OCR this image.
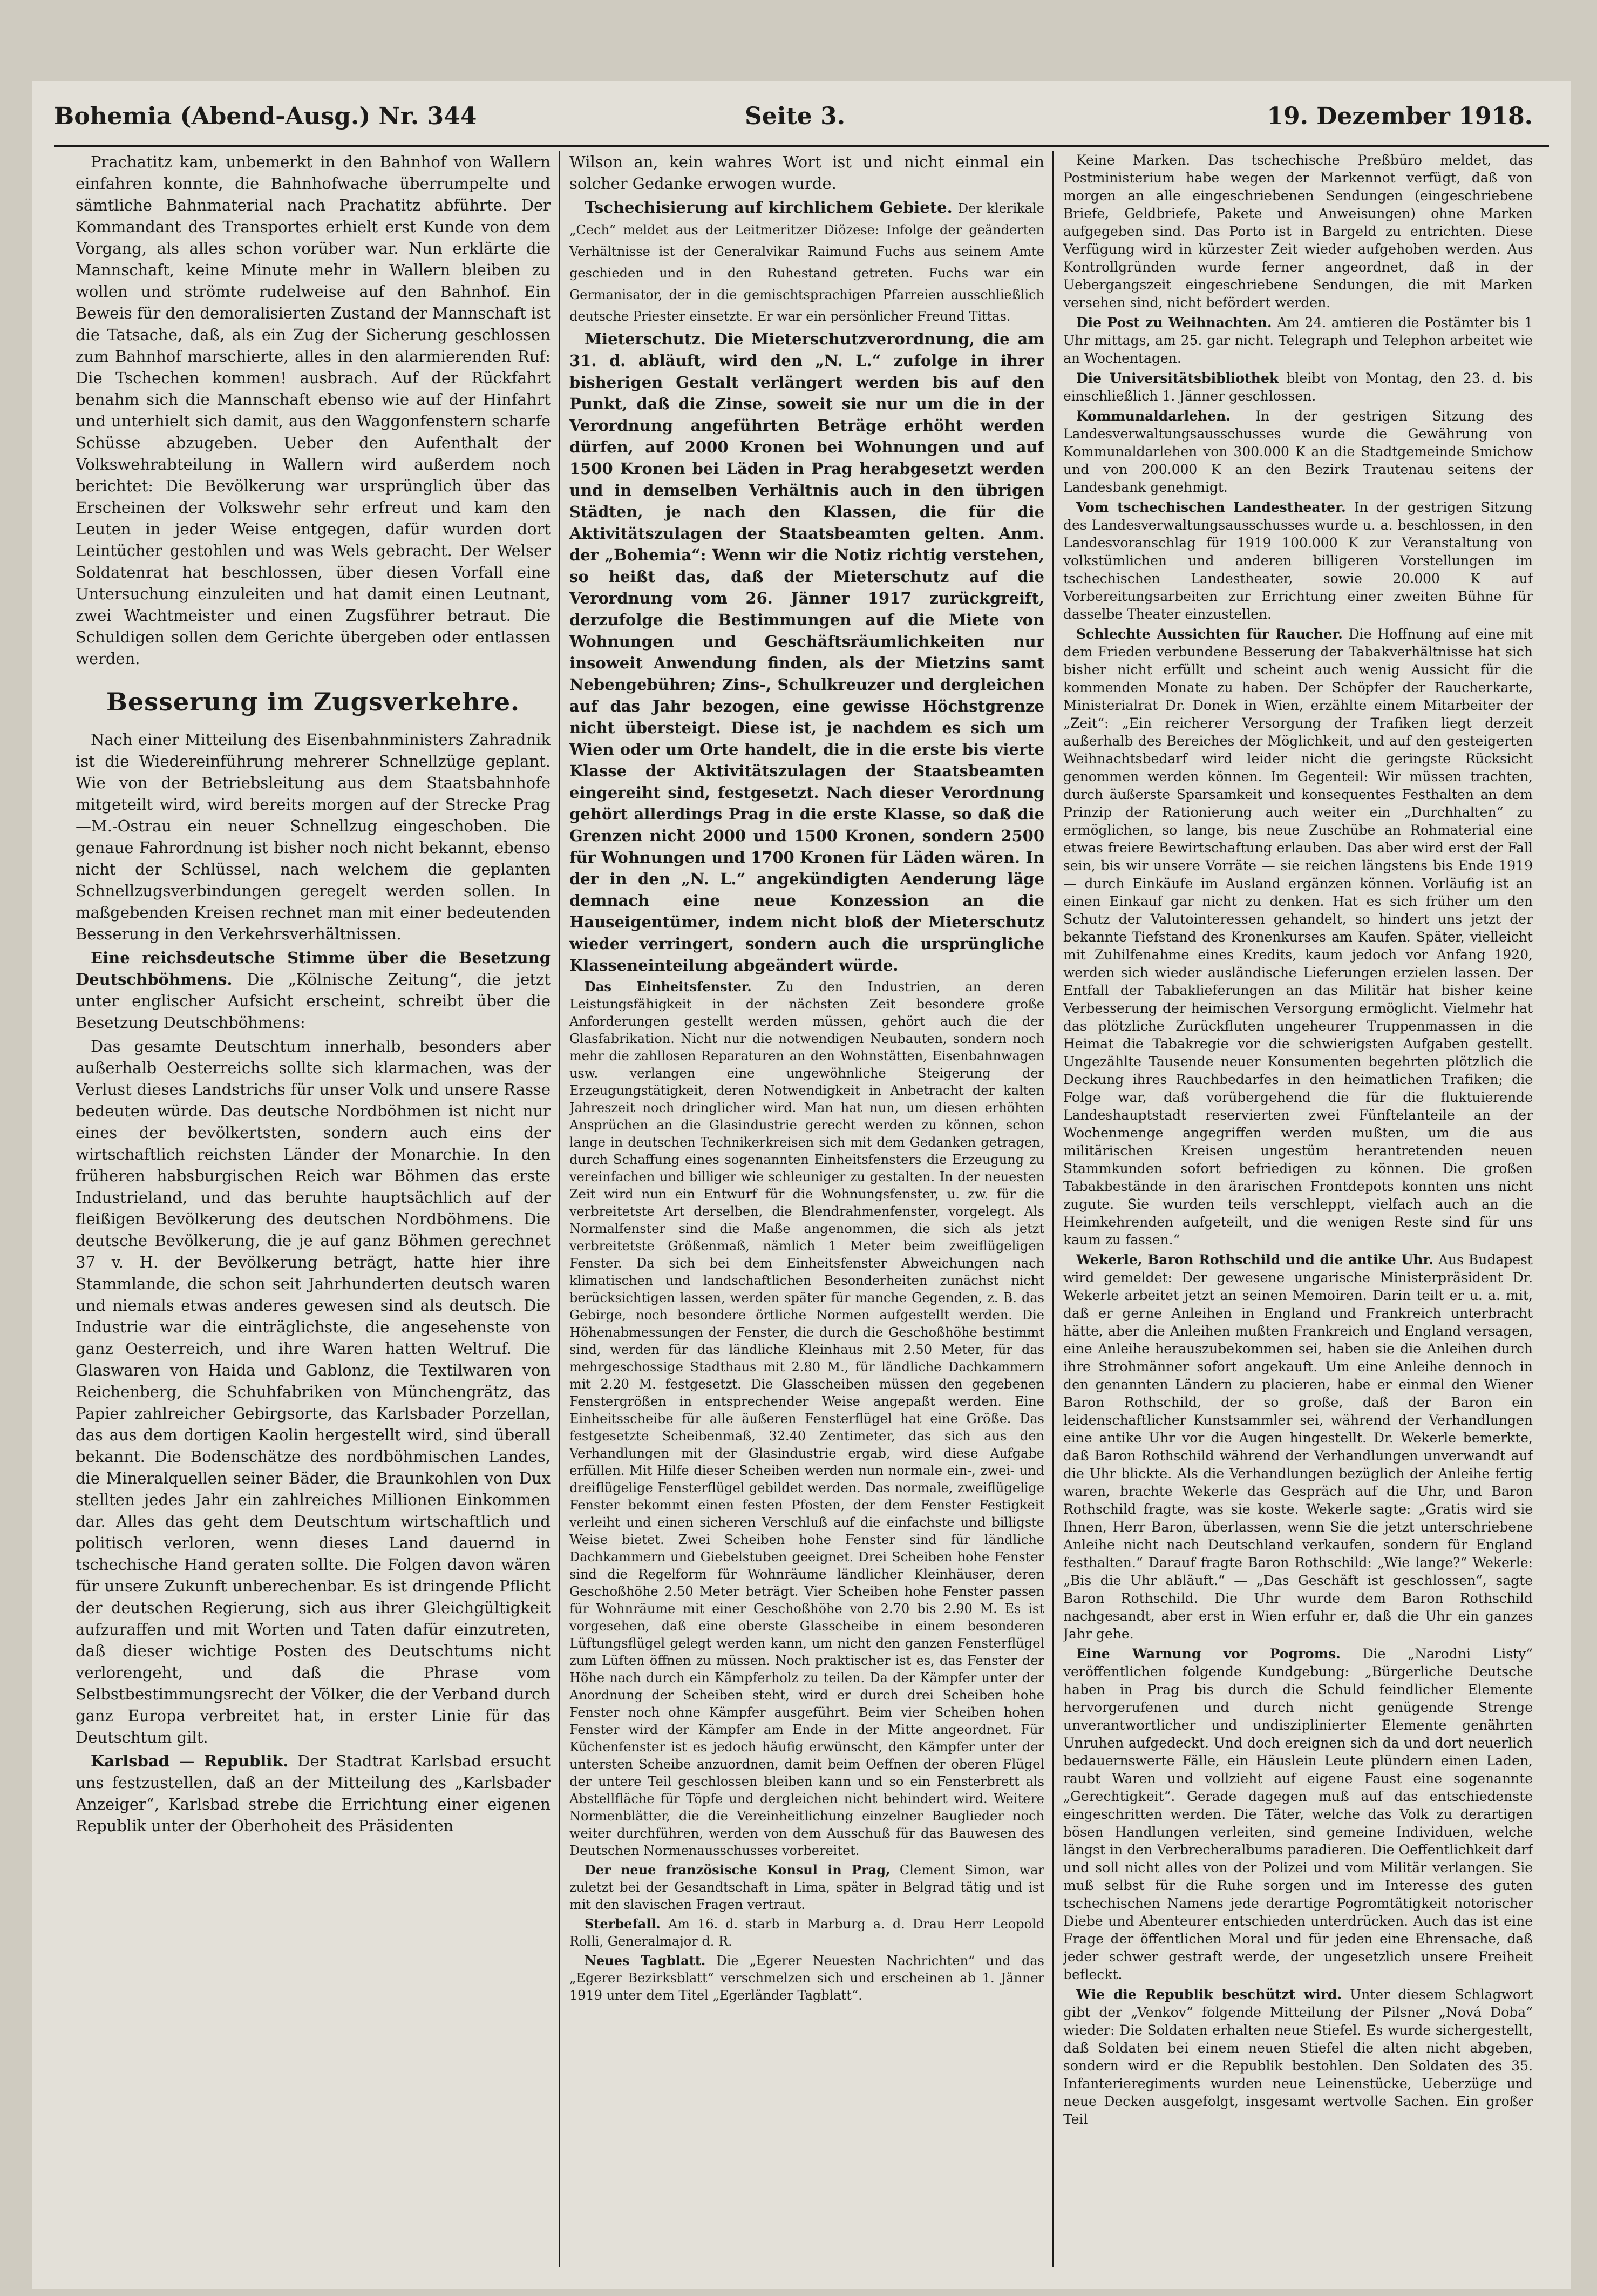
Bohemia (Abend-Ausg.) Nr. 344	Seite 3.	19. Dezember 1918.

Prachatitz kam, unbemerkt in den Bahnhof von Wallern einfahren konnte, die Bahnhofwache überrumpelte und sämtliche Bahnmaterial nach Prachatitz abführte. Der Kommandant des Transportes erhielt erst Kunde von dem Vorgang, als alles schon vorüber war. Nun erklärte die Mannschaft, keine Minute mehr in Wallern bleiben zu wollen und strömte rudelweise auf den Bahnhof. Ein Beweis für den demoralisierten Zustand der Mannschaft ist die Tatsache, daß, als ein Zug der Sicherung geschlossen zum Bahnhof marschierte, alles in den alarmierenden Ruf: Die Tschechen kommen! ausbrach. Auf der Rückfahrt benahm sich die Mannschaft ebenso wie auf der Hinfahrt und unterhielt sich damit, aus den Waggonfenstern scharfe Schüsse abzugeben. Ueber den Aufenthalt der Volkswehrabteilung in Wallern wird außerdem noch berichtet: Die Bevölkerung war ursprünglich über das Erscheinen der Volkswehr sehr erfreut und kam den Leuten in jeder Weise entgegen, dafür wurden dort Leintücher gestohlen und was Wels gebracht. Der Welser Soldatenrat hat beschlossen, über diesen Vorfall eine Untersuchung einzuleiten und hat damit einen Leutnant, zwei Wachtmeister und einen Zugsführer betraut. Die Schuldigen sollen dem Gerichte übergeben oder entlassen werden.

Besserung im Zugsverkehre.

Nach einer Mitteilung des Eisenbahnministers Zahradnik ist die Wiedereinführung mehrerer Schnellzüge geplant. Wie von der Betriebsleitung aus dem Staatsbahnhofe mitgeteilt wird, wird bereits morgen auf der Strecke Prag—M.-Ostrau ein neuer Schnellzug eingeschoben. Die genaue Fahrordnung ist bisher noch nicht bekannt, ebenso nicht der Schlüssel, nach welchem die geplanten Schnellzugsverbindungen geregelt werden sollen. In maßgebenden Kreisen rechnet man mit einer bedeutenden Besserung in den Verkehrsverhältnissen.

Eine reichsdeutsche Stimme über die Besetzung Deutschböhmens. Die „Kölnische Zeitung“, die jetzt unter englischer Aufsicht erscheint, schreibt über die Besetzung Deutschböhmens:

Das gesamte Deutschtum innerhalb, besonders aber außerhalb Oesterreichs sollte sich klarmachen, was der Verlust dieses Landstrichs für unser Volk und unsere Rasse bedeuten würde. Das deutsche Nordböhmen ist nicht nur eines der bevölkertsten, sondern auch eins der wirtschaftlich reichsten Länder der Monarchie. In den früheren habsburgischen Reich war Böhmen das erste Industrieland, und das beruhte hauptsächlich auf der fleißigen Bevölkerung des deutschen Nordböhmens. Die deutsche Bevölkerung, die je auf ganz Böhmen gerechnet 37 v. H. der Bevölkerung beträgt, hatte hier ihre Stammlande, die schon seit Jahrhunderten deutsch waren und niemals etwas anderes gewesen sind als deutsch. Die Industrie war die einträglichste, die angesehenste von ganz Oesterreich, und ihre Waren hatten Weltruf. Die Glaswaren von Haida und Gablonz, die Textilwaren von Reichenberg, die Schuhfabriken von Münchengrätz, das Papier zahlreicher Gebirgsorte, das Karlsbader Porzellan, das aus dem dortigen Kaolin hergestellt wird, sind überall bekannt. Die Bodenschätze des nordböhmischen Landes, die Mineralquellen seiner Bäder, die Braunkohlen von Dux stellten jedes Jahr ein zahlreiches Millionen Einkommen dar. Alles das geht dem Deutschtum wirtschaftlich und politisch verloren, wenn dieses Land dauernd in tschechische Hand geraten sollte. Die Folgen davon wären für unsere Zukunft unberechenbar. Es ist dringende Pflicht der deutschen Regierung, sich aus ihrer Gleichgültigkeit aufzuraffen und mit Worten und Taten dafür einzutreten, daß dieser wichtige Posten des Deutschtums nicht verlorengeht, und daß die Phrase vom Selbstbestimmungsrecht der Völker, die der Verband durch ganz Europa verbreitet hat, in erster Linie für das Deutschtum gilt.

Karlsbad — Republik. Der Stadtrat Karlsbad ersucht uns festzustellen, daß an der Mitteilung des „Karlsbader Anzeiger“, Karlsbad strebe die Errichtung einer eigenen Republik unter der Oberhoheit des Präsidenten

Wilson an, kein wahres Wort ist und nicht einmal ein solcher Gedanke erwogen wurde.

Tschechisierung auf kirchlichem Gebiete. Der klerikale „Cech“ meldet aus der Leitmeritzer Diözese: Infolge der geänderten Verhältnisse ist der Generalvikar Raimund Fuchs aus seinem Amte geschieden und in den Ruhestand getreten. Fuchs war ein Germanisator, der in die gemischtsprachigen Pfarreien ausschließlich deutsche Priester einsetzte. Er war ein persönlicher Freund Tittas.

Mieterschutz. Die Mieterschutzverordnung, die am 31. d. abläuft, wird den „N. L.“ zufolge in ihrer bisherigen Gestalt verlängert werden bis auf den Punkt, daß die Zinse, soweit sie nur um die in der Verordnung angeführten Beträge erhöht werden dürfen, auf 2000 Kronen bei Wohnungen und auf 1500 Kronen bei Läden in Prag herabgesetzt werden und in demselben Verhältnis auch in den übrigen Städten, je nach den Klassen, die für die Aktivitätszulagen der Staatsbeamten gelten. Anm. der „Bohemia“: Wenn wir die Notiz richtig verstehen, so heißt das, daß der Mieterschutz auf die Verordnung vom 26. Jänner 1917 zurückgreift, derzufolge die Bestimmungen auf die Miete von Wohnungen und Geschäftsräumlichkeiten nur insoweit Anwendung finden, als der Mietzins samt Nebengebühren; Zins-, Schulkreuzer und dergleichen auf das Jahr bezogen, eine gewisse Höchstgrenze nicht übersteigt. Diese ist, je nachdem es sich um Wien oder um Orte handelt, die in die erste bis vierte Klasse der Aktivitätszulagen der Staatsbeamten eingereiht sind, festgesetzt. Nach dieser Verordnung gehört allerdings Prag in die erste Klasse, so daß die Grenzen nicht 2000 und 1500 Kronen, sondern 2500 für Wohnungen und 1700 Kronen für Läden wären. In der in den „N. L.“ angekündigten Aenderung läge demnach eine neue Konzession an die Hauseigentümer, indem nicht bloß der Mieterschutz wieder verringert, sondern auch die ursprüngliche Klasseneinteilung abgeändert würde.

Das Einheitsfenster. Zu den Industrien, an deren Leistungsfähigkeit in der nächsten Zeit besondere große Anforderungen gestellt werden müssen, gehört auch die der Glasfabrikation. Nicht nur die notwendigen Neubauten, sondern noch mehr die zahllosen Reparaturen an den Wohnstätten, Eisenbahnwagen usw. verlangen eine ungewöhnliche Steigerung der Erzeugungstätigkeit, deren Notwendigkeit in Anbetracht der kalten Jahreszeit noch dringlicher wird. Man hat nun, um diesen erhöhten Ansprüchen an die Glasindustrie gerecht werden zu können, schon lange in deutschen Technikerkreisen sich mit dem Gedanken getragen, durch Schaffung eines sogenannten Einheitsfensters die Erzeugung zu vereinfachen und billiger wie schleuniger zu gestalten. In der neuesten Zeit wird nun ein Entwurf für die Wohnungsfenster, u. zw. für die verbreitetste Art derselben, die Blendrahmenfenster, vorgelegt. Als Normalfenster sind die Maße angenommen, die sich als jetzt verbreitetste Größenmaß, nämlich 1 Meter beim zweiflügeligen Fenster. Da sich bei dem Einheitsfenster Abweichungen nach klimatischen und landschaftlichen Besonderheiten zunächst nicht berücksichtigen lassen, werden später für manche Gegenden, z. B. das Gebirge, noch besondere örtliche Normen aufgestellt werden. Die Höhenabmessungen der Fenster, die durch die Geschoßhöhe bestimmt sind, werden für das ländliche Kleinhaus mit 2.50 Meter, für das mehrgeschossige Stadthaus mit 2.80 M., für ländliche Dachkammern mit 2.20 M. festgesetzt. Die Glasscheiben müssen den gegebenen Fenstergrößen in entsprechender Weise angepaßt werden. Eine Einheitsscheibe für alle äußeren Fensterflügel hat eine Größe. Das festgesetzte Scheibenmaß, 32.40 Zentimeter, das sich aus den Verhandlungen mit der Glasindustrie ergab, wird diese Aufgabe erfüllen. Mit Hilfe dieser Scheiben werden nun normale ein-, zwei- und dreiflügelige Fensterflügel gebildet werden. Das normale, zweiflügelige Fenster bekommt einen festen Pfosten, der dem Fenster Festigkeit verleiht und einen sicheren Verschluß auf die einfachste und billigste Weise bietet. Zwei Scheiben hohe Fenster sind für ländliche Dachkammern und Giebelstuben geeignet. Drei Scheiben hohe Fenster sind die Regelform für Wohnräume ländlicher Kleinhäuser, deren Geschoßhöhe 2.50 Meter beträgt. Vier Scheiben hohe Fenster passen für Wohnräume mit einer Geschoßhöhe von 2.70 bis 2.90 M. Es ist vorgesehen, daß eine oberste Glasscheibe in einem besonderen Lüftungsflügel gelegt werden kann, um nicht den ganzen Fensterflügel zum Lüften öffnen zu müssen. Noch praktischer ist es, das Fenster der Höhe nach durch ein Kämpferholz zu teilen. Da der Kämpfer unter der Anordnung der Scheiben steht, wird er durch drei Scheiben hohe Fenster noch ohne Kämpfer ausgeführt. Beim vier Scheiben hohen Fenster wird der Kämpfer am Ende in der Mitte angeordnet. Für Küchenfenster ist es jedoch häufig erwünscht, den Kämpfer unter der untersten Scheibe anzuordnen, damit beim Oeffnen der oberen Flügel der untere Teil geschlossen bleiben kann und so ein Fensterbrett als Abstellfläche für Töpfe und dergleichen nicht behindert wird. Weitere Normenblätter, die die Vereinheitlichung einzelner Bauglieder noch weiter durchführen, werden von dem Ausschuß für das Bauwesen des Deutschen Normenausschusses vorbereitet.

Der neue französische Konsul in Prag, Clement Simon, war zuletzt bei der Gesandtschaft in Lima, später in Belgrad tätig und ist mit den slavischen Fragen vertraut.

Sterbefall. Am 16. d. starb in Marburg a. d. Drau Herr Leopold Rolli, Generalmajor d. R.

Neues Tagblatt. Die „Egerer Neuesten Nachrichten“ und das „Egerer Bezirksblatt“ verschmelzen sich und erscheinen ab 1. Jänner 1919 unter dem Titel „Egerländer Tagblatt“.

Keine Marken. Das tschechische Preßbüro meldet, das Postministerium habe wegen der Markennot verfügt, daß von morgen an alle eingeschriebenen Sendungen (eingeschriebene Briefe, Geldbriefe, Pakete und Anweisungen) ohne Marken aufgegeben sind. Das Porto ist in Bargeld zu entrichten. Diese Verfügung wird in kürzester Zeit wieder aufgehoben werden. Aus Kontrollgründen wurde ferner angeordnet, daß in der Uebergangszeit eingeschriebene Sendungen, die mit Marken versehen sind, nicht befördert werden.

Die Post zu Weihnachten. Am 24. amtieren die Postämter bis 1 Uhr mittags, am 25. gar nicht. Telegraph und Telephon arbeitet wie an Wochentagen.

Die Universitätsbibliothek bleibt von Montag, den 23. d. bis einschließlich 1. Jänner geschlossen.

Kommunaldarlehen. In der gestrigen Sitzung des Landesverwaltungsausschusses wurde die Gewährung von Kommunaldarlehen von 300.000 K an die Stadtgemeinde Smichow und von 200.000 K an den Bezirk Trautenau seitens der Landesbank genehmigt.

Vom tschechischen Landestheater. In der gestrigen Sitzung des Landesverwaltungsausschusses wurde u. a. beschlossen, in den Landesvoranschlag für 1919 100.000 K zur Veranstaltung von volkstümlichen und anderen billigeren Vorstellungen im tschechischen Landestheater, sowie 20.000 K auf Vorbereitungsarbeiten zur Errichtung einer zweiten Bühne für dasselbe Theater einzustellen.

Schlechte Aussichten für Raucher. Die Hoffnung auf eine mit dem Frieden verbundene Besserung der Tabakverhältnisse hat sich bisher nicht erfüllt und scheint auch wenig Aussicht für die kommenden Monate zu haben. Der Schöpfer der Raucherkarte, Ministerialrat Dr. Donek in Wien, erzählte einem Mitarbeiter der „Zeit“: „Ein reicherer Versorgung der Trafiken liegt derzeit außerhalb des Bereiches der Möglichkeit, und auf den gesteigerten Weihnachtsbedarf wird leider nicht die geringste Rücksicht genommen werden können. Im Gegenteil: Wir müssen trachten, durch äußerste Sparsamkeit und konsequentes Festhalten an dem Prinzip der Rationierung auch weiter ein „Durchhalten“ zu ermöglichen, so lange, bis neue Zuschübe an Rohmaterial eine etwas freiere Bewirtschaftung erlauben. Das aber wird erst der Fall sein, bis wir unsere Vorräte — sie reichen längstens bis Ende 1919 — durch Einkäufe im Ausland ergänzen können. Vorläufig ist an einen Einkauf gar nicht zu denken. Hat es sich früher um den Schutz der Valutointeressen gehandelt, so hindert uns jetzt der bekannte Tiefstand des Kronenkurses am Kaufen. Später, vielleicht mit Zuhilfenahme eines Kredits, kaum jedoch vor Anfang 1920, werden sich wieder ausländische Lieferungen erzielen lassen. Der Entfall der Tabaklieferungen an das Militär hat bisher keine Verbesserung der heimischen Versorgung ermöglicht. Vielmehr hat das plötzliche Zurückfluten ungeheurer Truppenmassen in die Heimat die Tabakregie vor die schwierigsten Aufgaben gestellt. Ungezählte Tausende neuer Konsumenten begehrten plötzlich die Deckung ihres Rauchbedarfes in den heimatlichen Trafiken; die Folge war, daß vorübergehend die für die fluktuierende Landeshauptstadt reservierten zwei Fünftelanteile an der Wochenmenge angegriffen werden mußten, um die aus militärischen Kreisen ungestüm herantretenden neuen Stammkunden sofort befriedigen zu können. Die großen Tabakbestände in den ärarischen Frontdepots konnten uns nicht zugute. Sie wurden teils verschleppt, vielfach auch an die Heimkehrenden aufgeteilt, und die wenigen Reste sind für uns kaum zu fassen.“

Wekerle, Baron Rothschild und die antike Uhr. Aus Budapest wird gemeldet: Der gewesene ungarische Ministerpräsident Dr. Wekerle arbeitet jetzt an seinen Memoiren. Darin teilt er u. a. mit, daß er gerne Anleihen in England und Frankreich unterbracht hätte, aber die Anleihen mußten Frankreich und England versagen, eine Anleihe herauszubekommen sei, haben sie die Anleihen durch ihre Strohmänner sofort angekauft. Um eine Anleihe dennoch in den genannten Ländern zu placieren, habe er einmal den Wiener Baron Rothschild, der so große, daß der Baron ein leidenschaftlicher Kunstsammler sei, während der Verhandlungen eine antike Uhr vor die Augen hingestellt. Dr. Wekerle bemerkte, daß Baron Rothschild während der Verhandlungen unverwandt auf die Uhr blickte. Als die Verhandlungen bezüglich der Anleihe fertig waren, brachte Wekerle das Gespräch auf die Uhr, und Baron Rothschild fragte, was sie koste. Wekerle sagte: „Gratis wird sie Ihnen, Herr Baron, überlassen, wenn Sie die jetzt unterschriebene Anleihe nicht nach Deutschland verkaufen, sondern für England festhalten.“ Darauf fragte Baron Rothschild: „Wie lange?“ Wekerle: „Bis die Uhr abläuft.“ — „Das Geschäft ist geschlossen“, sagte Baron Rothschild. Die Uhr wurde dem Baron Rothschild nachgesandt, aber erst in Wien erfuhr er, daß die Uhr ein ganzes Jahr gehe.

Eine Warnung vor Pogroms. Die „Narodni Listy“ veröffentlichen folgende Kundgebung: „Bürgerliche Deutsche haben in Prag bis durch die Schuld feindlicher Elemente hervorgerufenen und durch nicht genügende Strenge unverantwortlicher und undisziplinierter Elemente genährten Unruhen aufgedeckt. Und doch ereignen sich da und dort neuerlich bedauernswerte Fälle, ein Häuslein Leute plündern einen Laden, raubt Waren und vollzieht auf eigene Faust eine sogenannte „Gerechtigkeit“. Gerade dagegen muß auf das entschiedenste eingeschritten werden. Die Täter, welche das Volk zu derartigen bösen Handlungen verleiten, sind gemeine Individuen, welche längst in den Verbrecheralbums paradieren. Die Oeffentlichkeit darf und soll nicht alles von der Polizei und vom Militär verlangen. Sie muß selbst für die Ruhe sorgen und im Interesse des guten tschechischen Namens jede derartige Pogromtätigkeit notorischer Diebe und Abenteurer entschieden unterdrücken. Auch das ist eine Frage der öffentlichen Moral und für jeden eine Ehrensache, daß jeder schwer gestraft werde, der ungesetzlich unsere Freiheit befleckt.

Wie die Republik beschützt wird. Unter diesem Schlagwort gibt der „Venkov“ folgende Mitteilung der Pilsner „Nová Doba“ wieder: Die Soldaten erhalten neue Stiefel. Es wurde sichergestellt, daß Soldaten bei einem neuen Stiefel die alten nicht abgeben, sondern wird er die Republik bestohlen. Den Soldaten des 35. Infanterieregiments wurden neue Leinenstücke, Ueberzüge und neue Decken ausgefolgt, insgesamt wertvolle Sachen. Ein großer Teil
